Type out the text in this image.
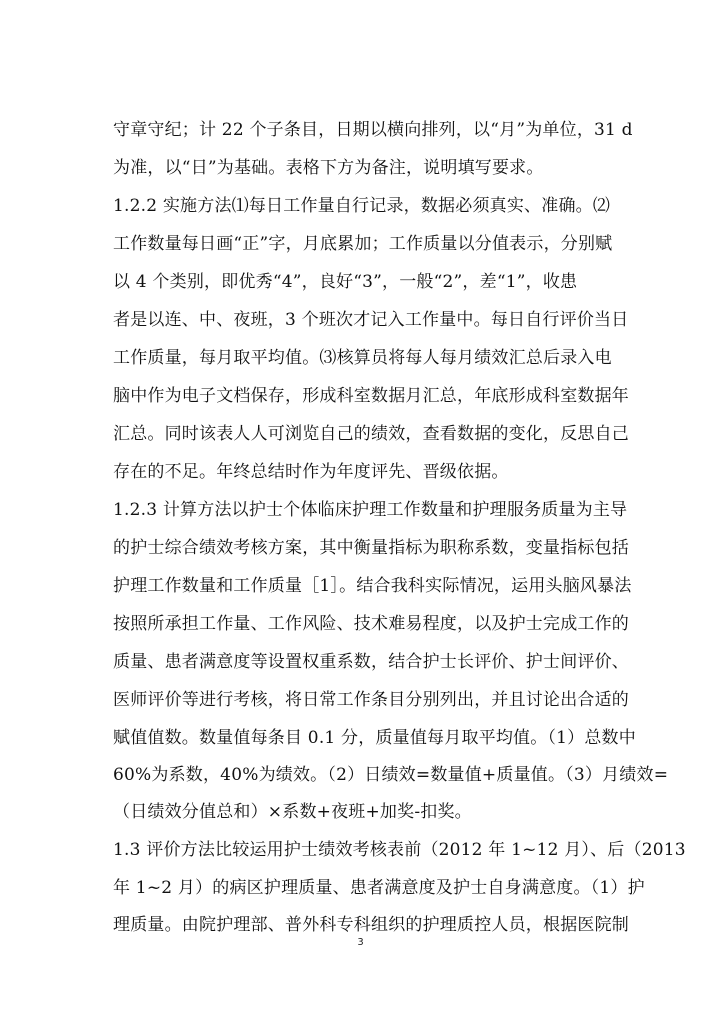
守章守纪；计 22 个子条目，日期以横向排列，以“月”为单位，31 d
为准，以“日”为基础。表格下方为备注，说明填写要求。
1.2.2 实施方法⑴每日工作量自行记录，数据必须真实、准确。⑵
工作数量每日画“正”字，月底累加；工作质量以分值表示，分别赋
以 4 个类别，即优秀“4”，良好“3”，一般“2”，差“1”，收患
者是以连、中、夜班，3 个班次才记入工作量中。每日自行评价当日
工作质量，每月取平均值。⑶核算员将每人每月绩效汇总后录入电
脑中作为电子文档保存，形成科室数据月汇总，年底形成科室数据年
汇总。同时该表人人可浏览自己的绩效，查看数据的变化，反思自己
存在的不足。年终总结时作为年度评先、晋级依据。
1.2.3 计算方法以护士个体临床护理工作数量和护理服务质量为主导
的护士综合绩效考核方案，其中衡量指标为职称系数，变量指标包括
护理工作数量和工作质量［1］。结合我科实际情况，运用头脑风暴法
按照所承担工作量、工作风险、技术难易程度，以及护士完成工作的
质量、患者满意度等设置权重系数，结合护士长评价、护士间评价、
医师评价等进行考核，将日常工作条目分别列出，并且讨论出合适的
赋值值数。数量值每条目 0.1 分，质量值每月取平均值。（1）总数中
60%为系数，40%为绩效。（2）日绩效=数量值+质量值。（3）月绩效=
（日绩效分值总和）×系数+夜班+加奖-扣奖。
1.3 评价方法比较运用护士绩效考核表前（2012 年 1~12 月）、后（2013
年 1~2 月）的病区护理质量、患者满意度及护士自身满意度。（1）护
理质量。由院护理部、普外科专科组织的护理质控人员，根据医院制
3
